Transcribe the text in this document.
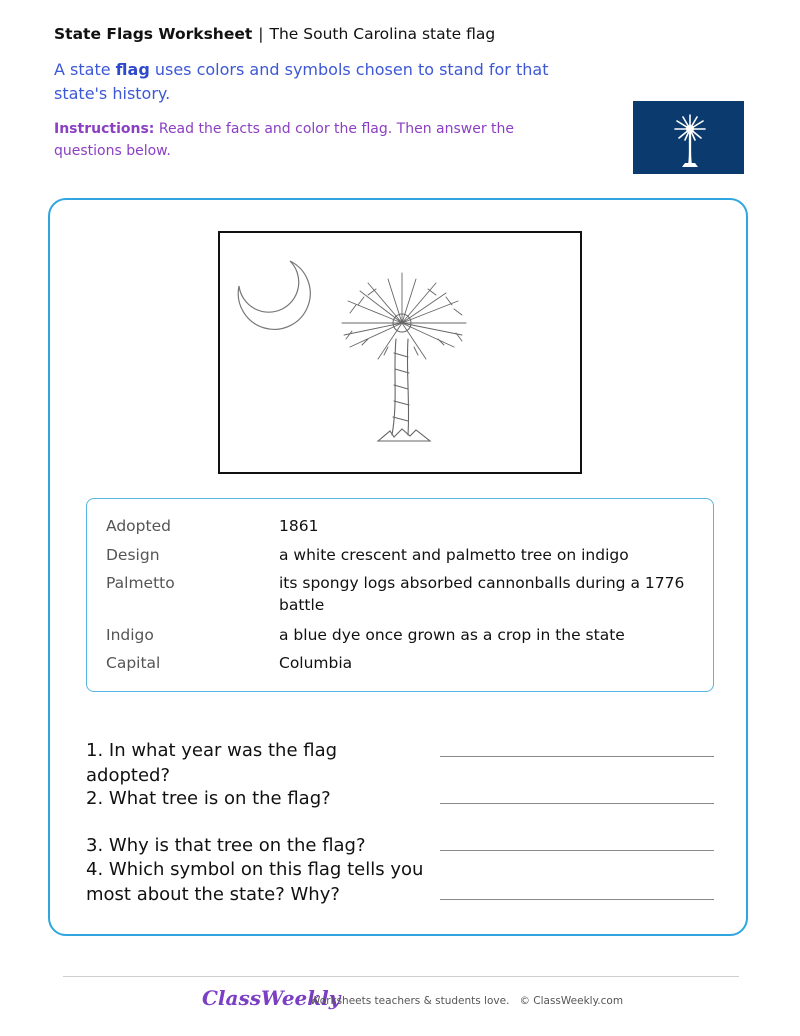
State Flags Worksheet | The South Carolina state flag
A state flag uses colors and symbols chosen to stand for that state's history.
Instructions: Read the facts and color the flag. Then answer the questions below.
Adopted	1861
Design	a white crescent and palmetto tree on indigo
Palmetto	its spongy logs absorbed cannonballs during a 1776 battle
Indigo	a blue dye once grown as a crop in the state
Capital	Columbia
1. In what year was the flag adopted?
2. What tree is on the flag?
3. Why is that tree on the flag?
4. Which symbol on this flag tells you most about the state? Why?
ClassWeekly
Worksheets teachers & students love. © ClassWeekly.com
